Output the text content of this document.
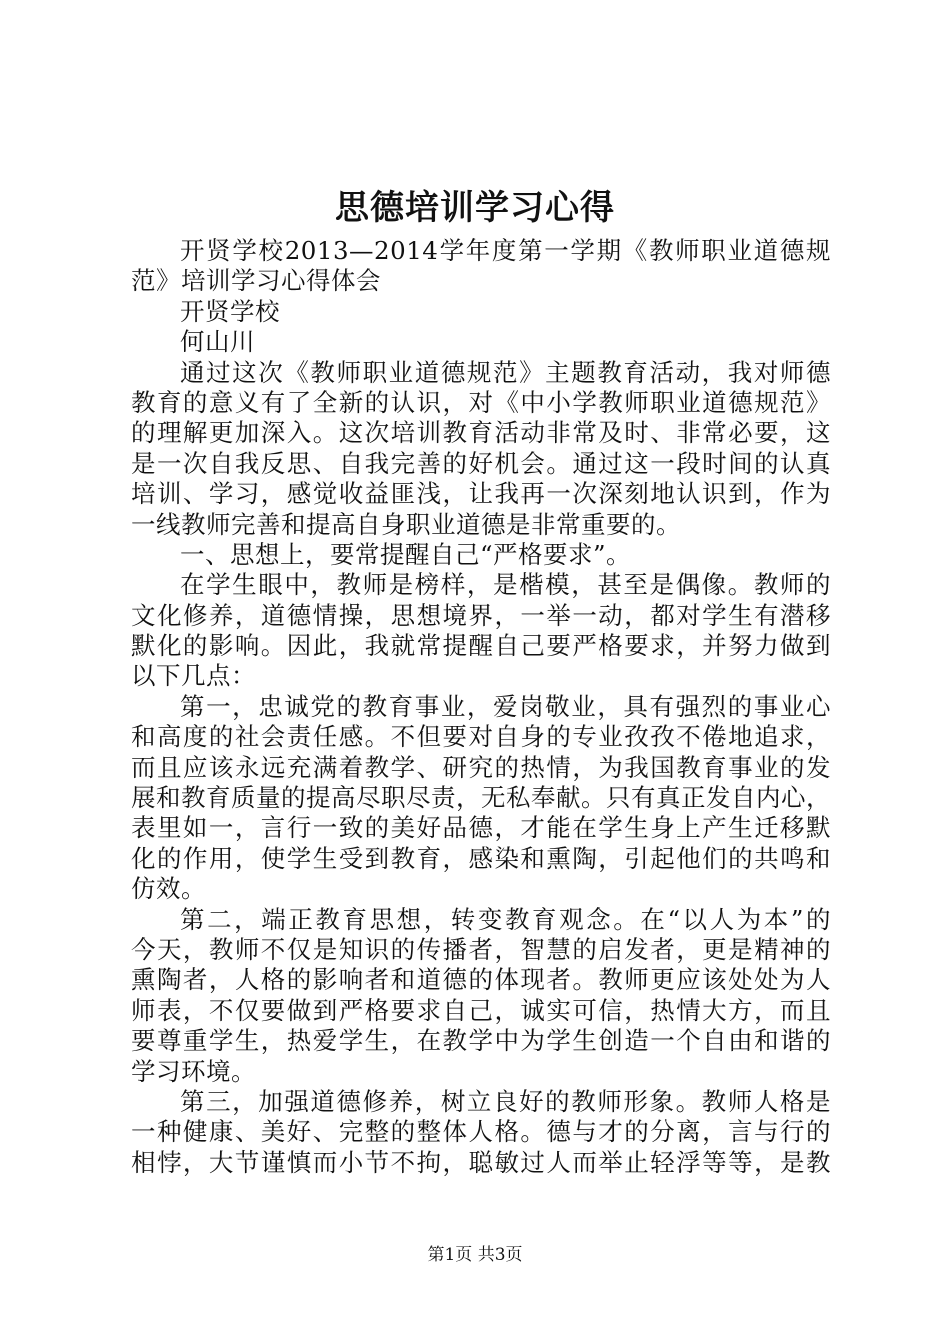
思德培训学习心得
开贤学校2013—2014学年度第一学期《教师职业道德规
范》培训学习心得体会
开贤学校
何山川
通过这次《教师职业道德规范》主题教育活动，我对师德
教育的意义有了全新的认识，对《中小学教师职业道德规范》
的理解更加深入。这次培训教育活动非常及时、非常必要，这
是一次自我反思、自我完善的好机会。通过这一段时间的认真
培训、学习，感觉收益匪浅，让我再一次深刻地认识到，作为
一线教师完善和提高自身职业道德是非常重要的。
一、思想上，要常提醒自己“严格要求”。
在学生眼中，教师是榜样，是楷模，甚至是偶像。教师的
文化修养，道德情操，思想境界，一举一动，都对学生有潜移
默化的影响。因此，我就常提醒自己要严格要求，并努力做到
以下几点：
第一，忠诚党的教育事业，爱岗敬业，具有强烈的事业心
和高度的社会责任感。不但要对自身的专业孜孜不倦地追求，
而且应该永远充满着教学、研究的热情，为我国教育事业的发
展和教育质量的提高尽职尽责，无私奉献。只有真正发自内心，
表里如一，言行一致的美好品德，才能在学生身上产生迁移默
化的作用，使学生受到教育，感染和熏陶，引起他们的共鸣和
仿效。
第二，端正教育思想，转变教育观念。在“以人为本”的
今天，教师不仅是知识的传播者，智慧的启发者，更是精神的
熏陶者，人格的影响者和道德的体现者。教师更应该处处为人
师表，不仅要做到严格要求自己，诚实可信，热情大方，而且
要尊重学生，热爱学生，在教学中为学生创造一个自由和谐的
学习环境。
第三，加强道德修养，树立良好的教师形象。教师人格是
一种健康、美好、完整的整体人格。德与才的分离，言与行的
相悖，大节谨慎而小节不拘，聪敏过人而举止轻浮等等，是教
第1页 共3页
